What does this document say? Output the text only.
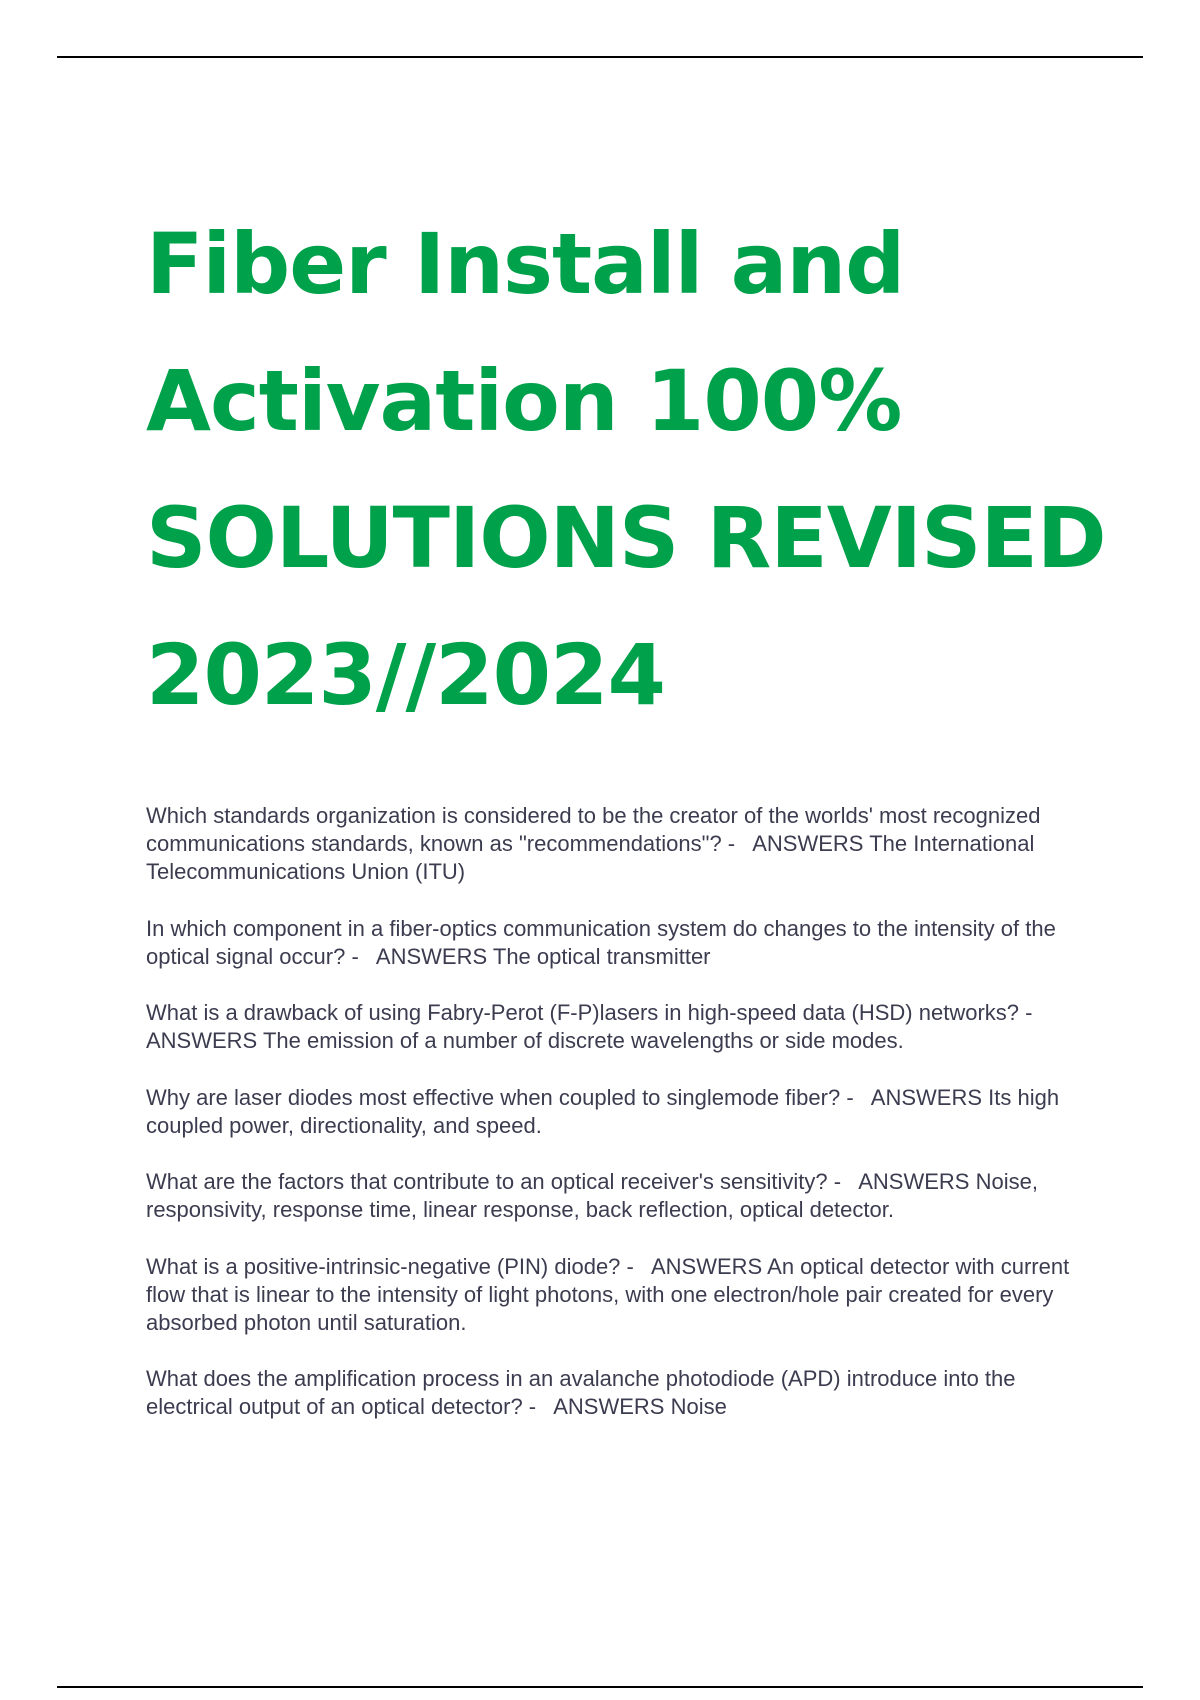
Fiber Install and
Activation 100%
SOLUTIONS REVISED
2023//2024
Which standards organization is considered to be the creator of the worlds' most recognized communications standards, known as "recommendations"? -   ANSWERS The International Telecommunications Union (ITU)
In which component in a fiber-optics communication system do changes to the intensity of the optical signal occur? -   ANSWERS The optical transmitter
What is a drawback of using Fabry-Perot (F-P)lasers in high-speed data (HSD) networks? -   ANSWERS The emission of a number of discrete wavelengths or side modes.
Why are laser diodes most effective when coupled to singlemode fiber? -   ANSWERS Its high coupled power, directionality, and speed.
What are the factors that contribute to an optical receiver's sensitivity? -   ANSWERS Noise, responsivity, response time, linear response, back reflection, optical detector.
What is a positive-intrinsic-negative (PIN) diode? -   ANSWERS An optical detector with current flow that is linear to the intensity of light photons, with one electron/hole pair created for every absorbed photon until saturation.
What does the amplification process in an avalanche photodiode (APD) introduce into the electrical output of an optical detector? -   ANSWERS Noise
